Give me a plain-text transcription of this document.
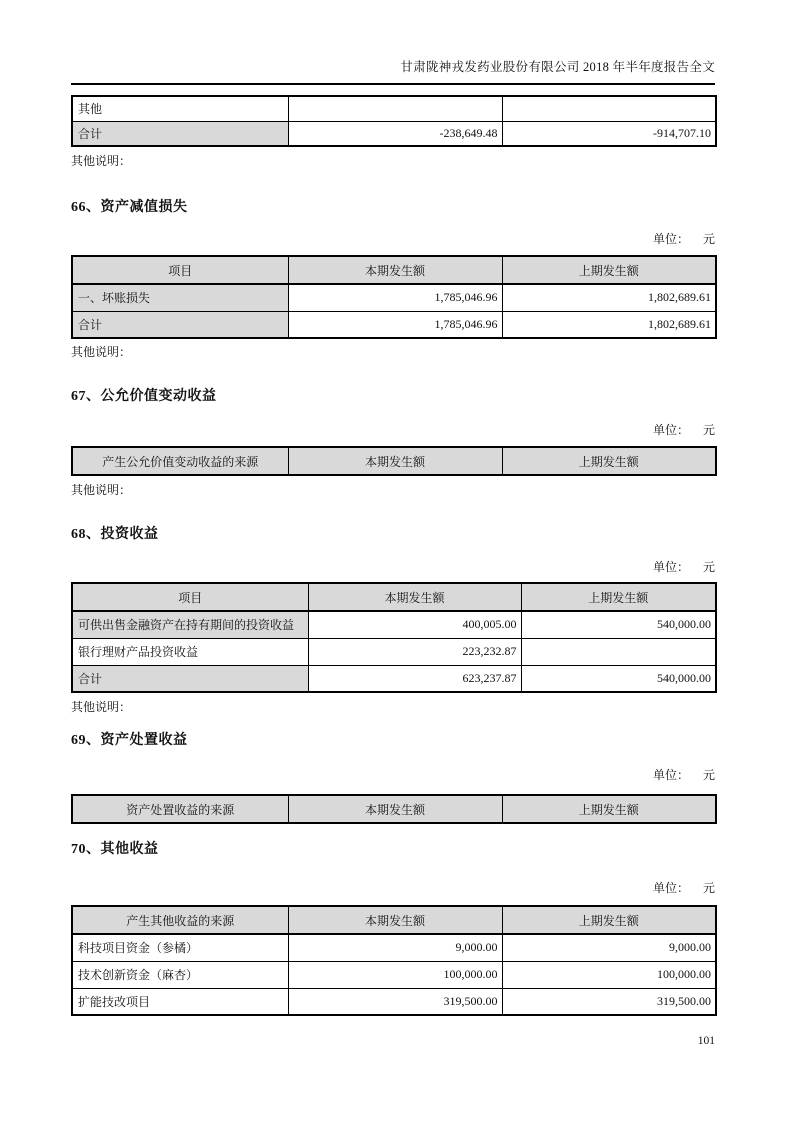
甘肃陇神戎发药业股份有限公司 2018 年半年度报告全文
其他		
合计	-238,649.48	-914,707.10
其他说明：
66、资产减值损失
单位： 元
项目	本期发生额	上期发生额
一、坏账损失	1,785,046.96	1,802,689.61
合计	1,785,046.96	1,802,689.61
其他说明：
67、公允价值变动收益
单位： 元
产生公允价值变动收益的来源	本期发生额	上期发生额
其他说明：
68、投资收益
单位： 元
项目	本期发生额	上期发生额
可供出售金融资产在持有期间的投资收益	400,005.00	540,000.00
银行理财产品投资收益	223,232.87	
合计	623,237.87	540,000.00
其他说明：
69、资产处置收益
单位： 元
资产处置收益的来源	本期发生额	上期发生额
70、其他收益
单位： 元
产生其他收益的来源	本期发生额	上期发生额
科技项目资金（参橘）	9,000.00	9,000.00
技术创新资金（麻杏）	100,000.00	100,000.00
扩能技改项目	319,500.00	319,500.00
101
